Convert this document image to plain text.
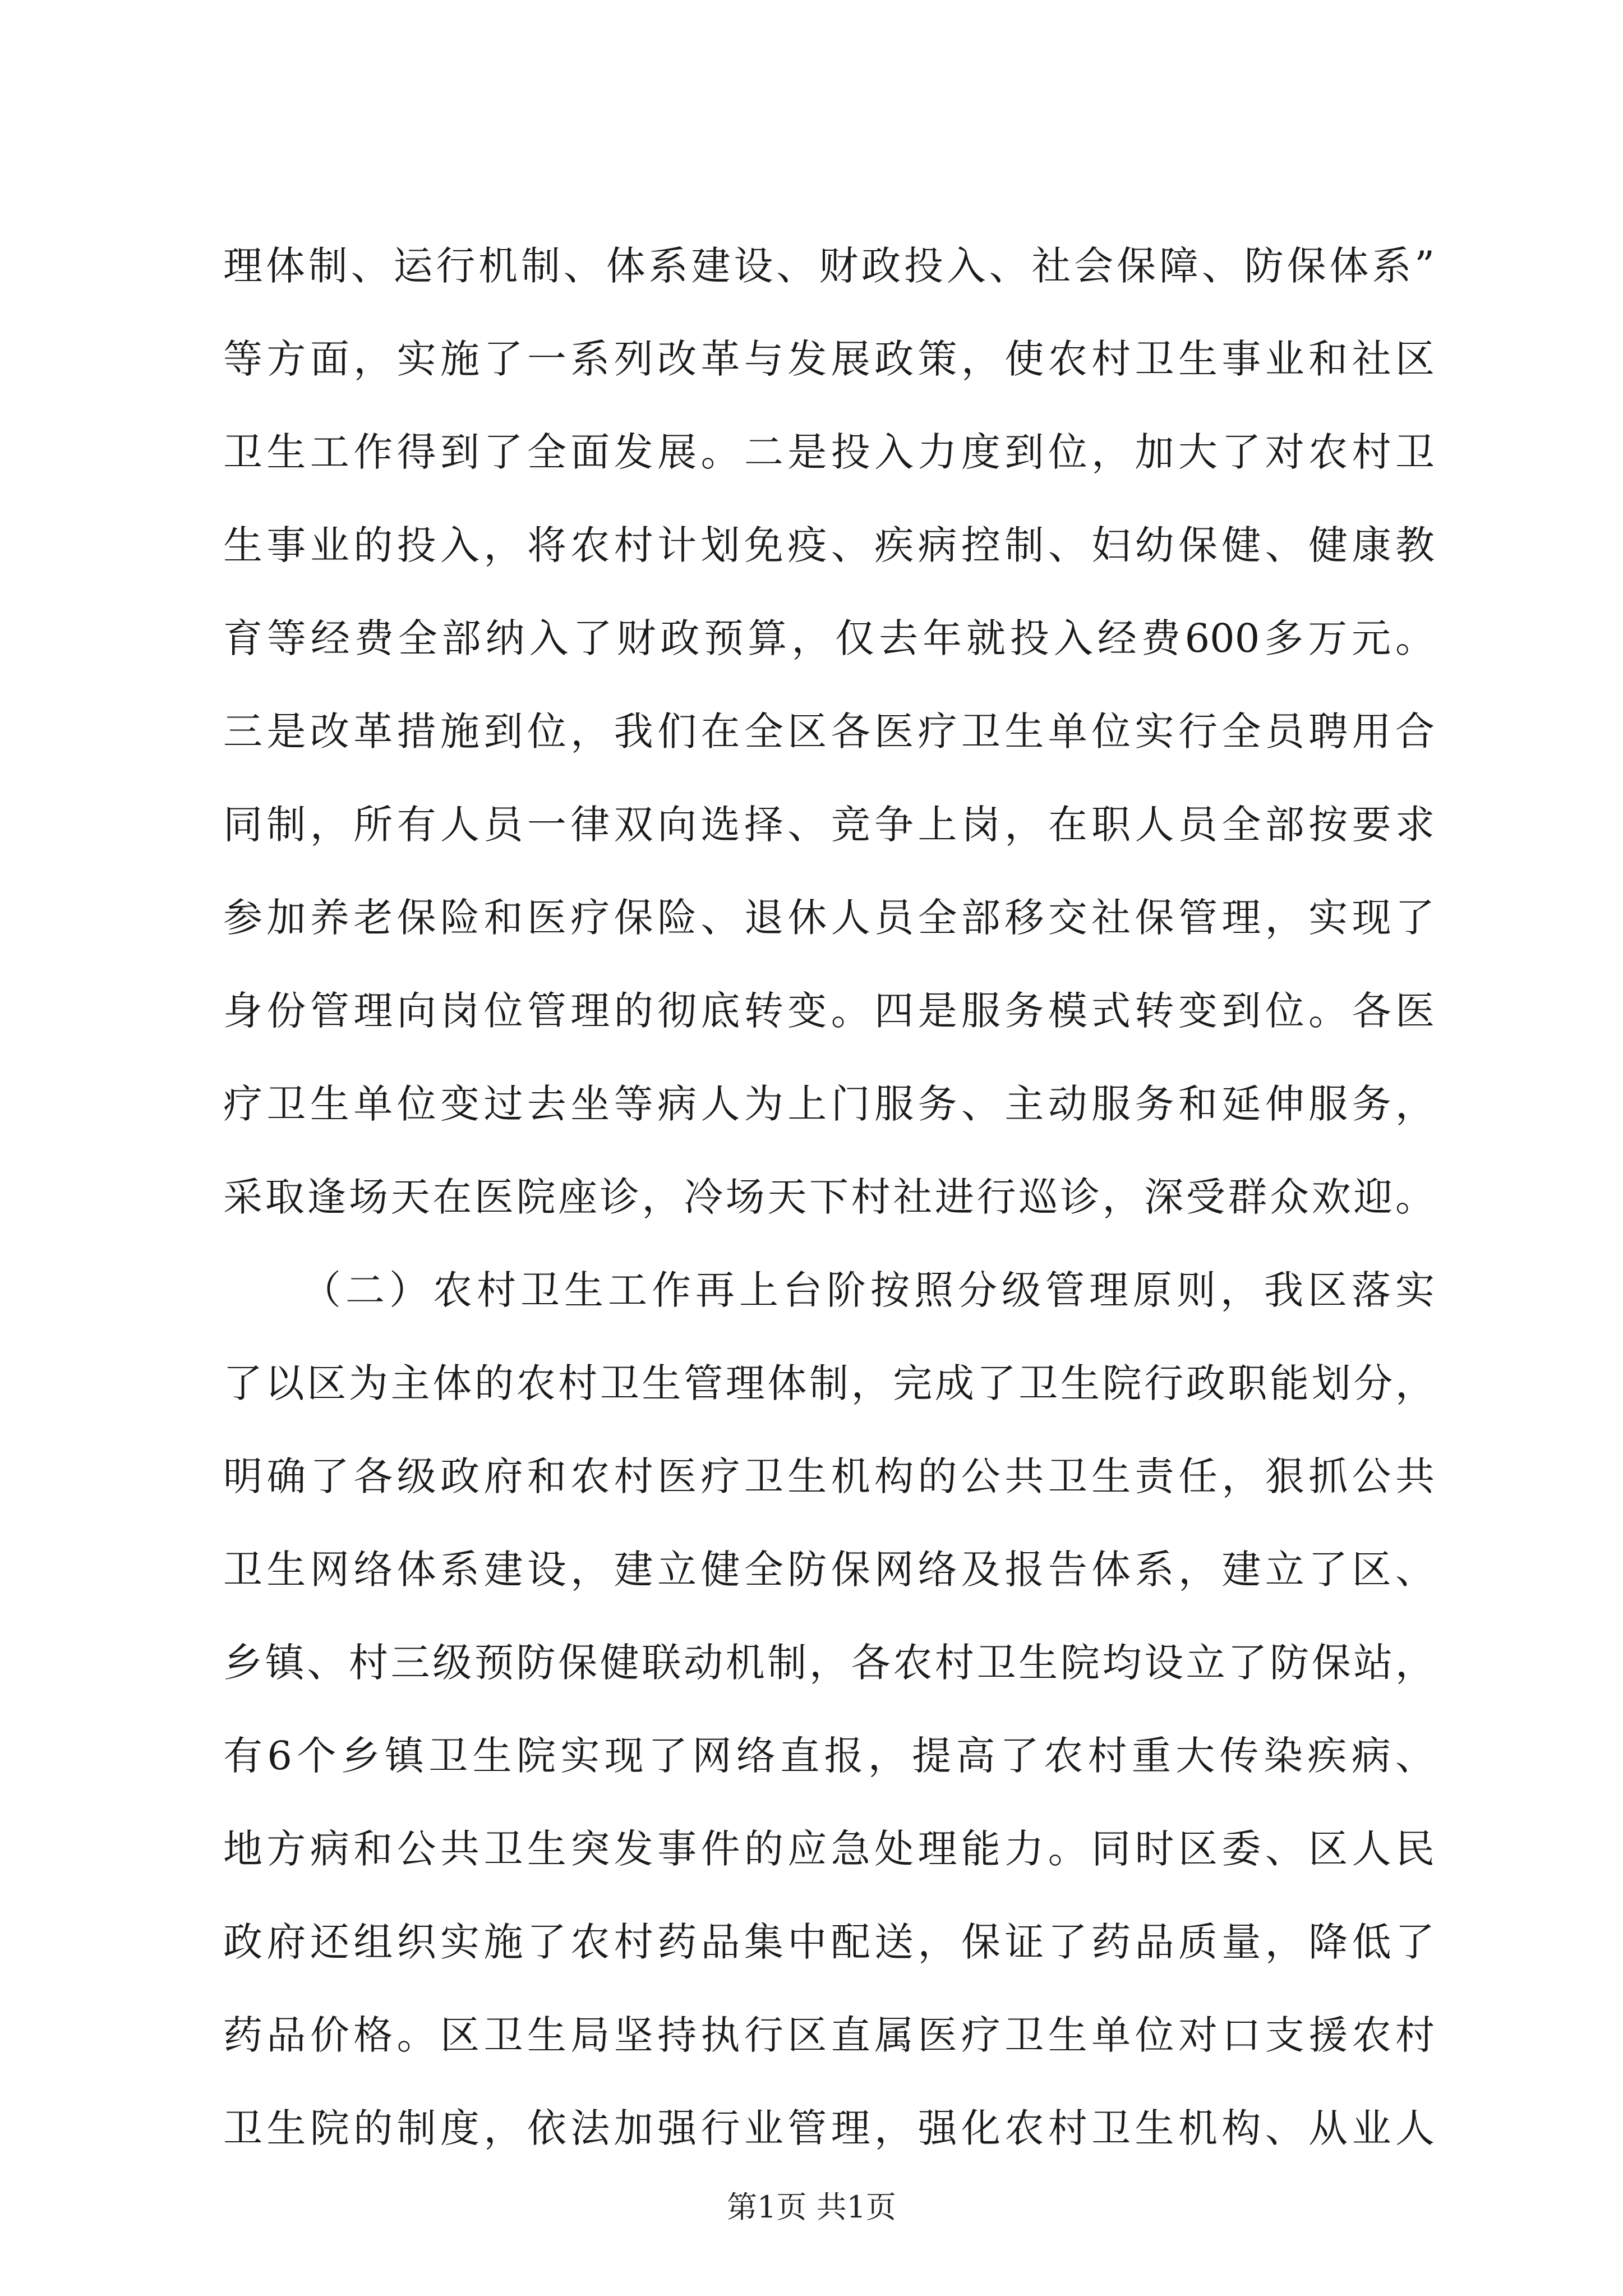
理体制、运行机制、体系建设、财政投入、社会保障、防保体系”
等方面，实施了一系列改革与发展政策，使农村卫生事业和社区
卫生工作得到了全面发展。二是投入力度到位，加大了对农村卫
生事业的投入，将农村计划免疫、疾病控制、妇幼保健、健康教
育等经费全部纳入了财政预算，仅去年就投入经费600多万元。
三是改革措施到位，我们在全区各医疗卫生单位实行全员聘用合
同制，所有人员一律双向选择、竞争上岗，在职人员全部按要求
参加养老保险和医疗保险、退休人员全部移交社保管理，实现了
身份管理向岗位管理的彻底转变。四是服务模式转变到位。各医
疗卫生单位变过去坐等病人为上门服务、主动服务和延伸服务，
采取逢场天在医院座诊，冷场天下村社进行巡诊，深受群众欢迎。
（二）农村卫生工作再上台阶按照分级管理原则，我区落实
了以区为主体的农村卫生管理体制，完成了卫生院行政职能划分，
明确了各级政府和农村医疗卫生机构的公共卫生责任，狠抓公共
卫生网络体系建设，建立健全防保网络及报告体系，建立了区、
乡镇、村三级预防保健联动机制，各农村卫生院均设立了防保站，
有6个乡镇卫生院实现了网络直报，提高了农村重大传染疾病、
地方病和公共卫生突发事件的应急处理能力。同时区委、区人民
政府还组织实施了农村药品集中配送，保证了药品质量，降低了
药品价格。区卫生局坚持执行区直属医疗卫生单位对口支援农村
卫生院的制度，依法加强行业管理，强化农村卫生机构、从业人
第1页 共1页
